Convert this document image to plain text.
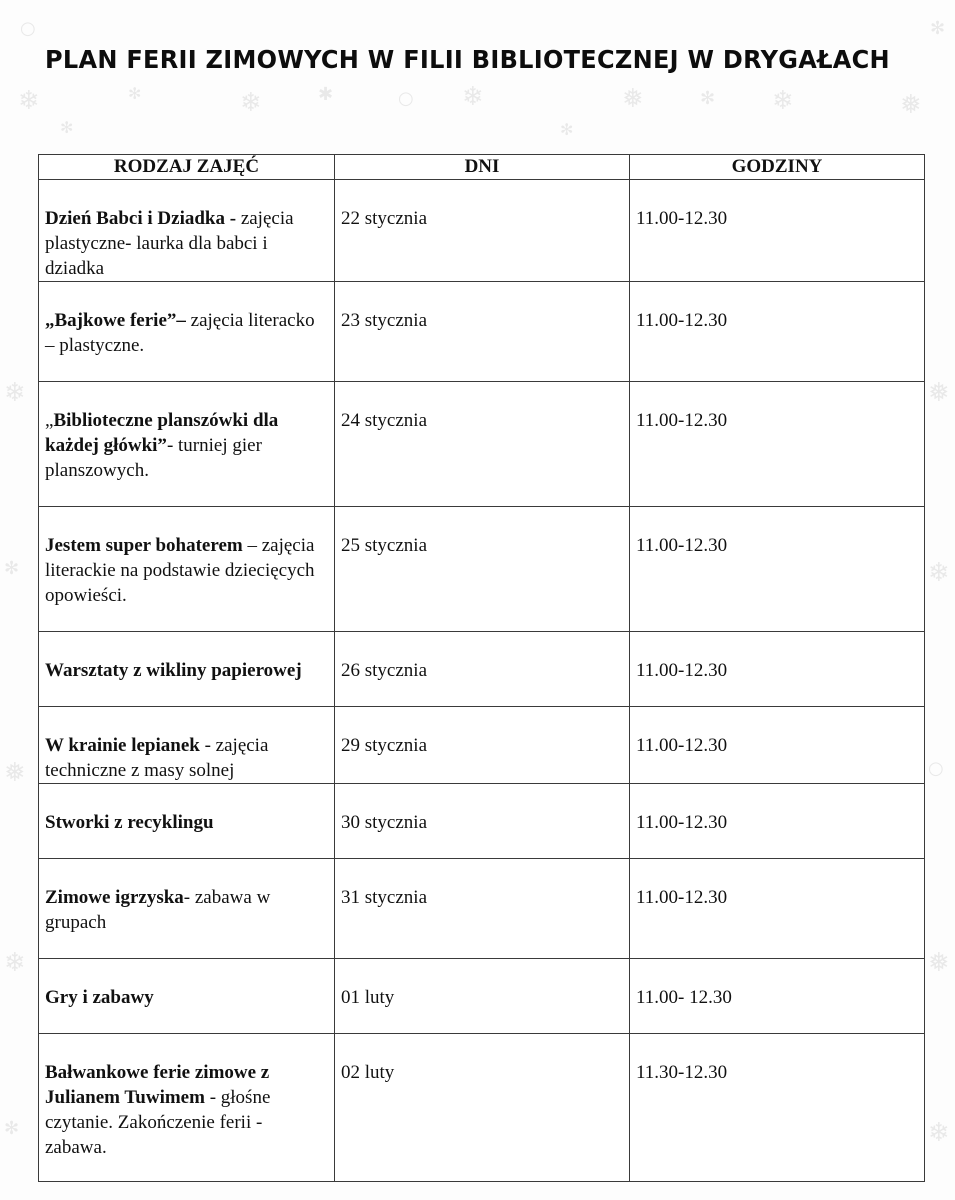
❄	✻	❄	✱	○ ❄	❅	✻ ❄	❅
○	✻
✻	✻
❄	❅
✻	❄
❅	○
❄	❅
✻	❄
PLAN FERII ZIMOWYCH W FILII BIBLIOTECZNEJ W DRYGAŁACH
RODZAJ ZAJĘĆ	DNI	GODZINY
Dzień Babci i Dziadka - zajęcia plastyczne- laurka dla babci i dziadka	22 stycznia	11.00-12.30
„Bajkowe ferie”– zajęcia literacko – plastyczne.	23 stycznia	11.00-12.30
„Biblioteczne planszówki dla każdej główki”- turniej gier planszowych.	24 stycznia	11.00-12.30
Jestem super bohaterem – zajęcia literackie na podstawie dziecięcych opowieści.	25 stycznia	11.00-12.30
Warsztaty z wikliny papierowej	26 stycznia	11.00-12.30
W krainie lepianek - zajęcia techniczne z masy solnej	29 stycznia	11.00-12.30
Stworki z recyklingu	30 stycznia	11.00-12.30
Zimowe igrzyska- zabawa w grupach	31 stycznia	11.00-12.30
Gry i zabawy	01 luty	11.00- 12.30
Bałwankowe ferie zimowe z Julianem Tuwimem - głośne czytanie. Zakończenie ferii - zabawa.	02 luty	11.30-12.30
